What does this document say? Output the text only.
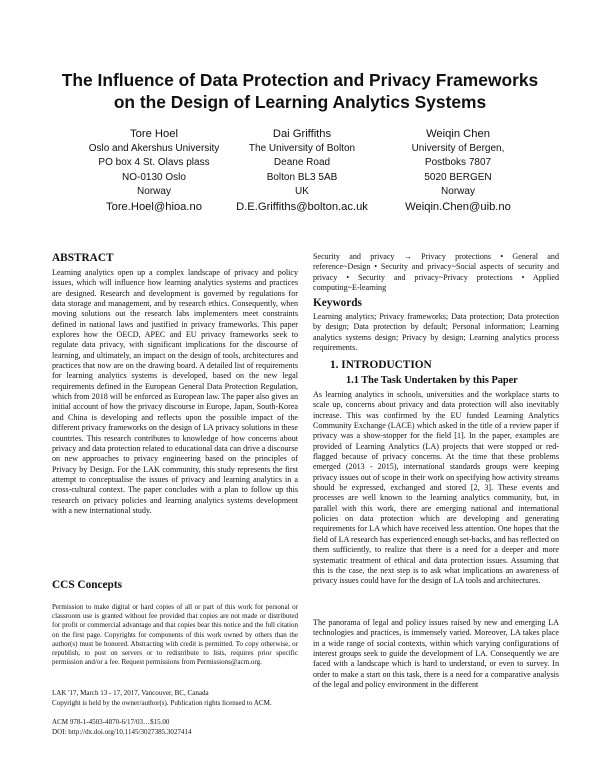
The Influence of Data Protection and Privacy Frameworks
on the Design of Learning Analytics Systems
Tore Hoel
Oslo and Akershus University
PO box 4 St. Olavs plass
NO-0130 Oslo
Norway
Tore.Hoel@hioa.no
Dai Griffiths
The University of Bolton
Deane Road
Bolton BL3 5AB
UK
D.E.Griffiths@bolton.ac.uk
Weiqin Chen
University of Bergen,
Postboks 7807
5020 BERGEN
Norway
Weiqin.Chen@uib.no
ABSTRACT

Learning analytics open up a complex landscape of privacy and policy issues, which will influence how learning analytics systems and practices are designed. Research and development is governed by regulations for data storage and management, and by research ethics. Consequently, when moving solutions out the research labs implementers meet constraints defined in national laws and justified in privacy frameworks. This paper explores how the OECD, APEC and EU privacy frameworks seek to regulate data privacy, with significant implications for the discourse of learning, and ultimately, an impact on the design of tools, architectures and practices that now are on the drawing board. A detailed list of requirements for learning analytics systems is developed, based on the new legal requirements defined in the European General Data Protection Regulation, which from 2018 will be enforced as European law. The paper also gives an initial account of how the privacy discourse in Europe, Japan, South-Korea and China is developing and reflects upon the possible impact of the different privacy frameworks on the design of LA privacy solutions in these countries. This research contributes to knowledge of how concerns about privacy and data protection related to educational data can drive a discourse on new approaches to privacy engineering based on the principles of Privacy by Design. For the LAK community, this study represents the first attempt to conceptualise the issues of privacy and learning analytics in a cross-cultural context. The paper concludes with a plan to follow up this research on privacy policies and learning analytics systems development with a new international study.

CCS Concepts

Permission to make digital or hard copies of all or part of this work for personal or classroom use is granted without fee provided that copies are not made or distributed for profit or commercial advantage and that copies bear this notice and the full citation on the first page. Copyrights for components of this work owned by others than the author(s) must be honored. Abstracting with credit is permitted. To copy otherwise, or republish, to post on servers or to redistribute to lists, requires prior specific permission and/or a fee. Request permissions from Permissions@acm.org.

LAK '17, March 13 - 17, 2017, Vancouver, BC, Canada

Copyright is held by the owner/author(s). Publication rights licensed to ACM.

ACM 978-1-4503-4870-6/17/03…$15.00

DOI: http://dx.doi.org/10.1145/3027385.3027414

Security and privacy → Privacy protections • General and reference~Design • Security and privacy~Social aspects of security and privacy • Security and privacy~Privacy protections • Applied computing~E-learning

Keywords

Learning analytics; Privacy frameworks; Data protection; Data protection by design; Data protection by default; Personal information; Learning analytics systems design; Privacy by design; Learning analytics process requirements.

1. INTRODUCTION
1.1 The Task Undertaken by this Paper

As learning analytics in schools, universities and the workplace starts to scale up, concerns about privacy and data protection will also inevitably increase. This was confirmed by the EU funded Learning Analytics Community Exchange (LACE) which asked in the title of a review paper if privacy was a show-stopper for the field [1]. In the paper, examples are provided of Learning Analytics (LA) projects that were stopped or red-flagged because of privacy concerns. At the time that these problems emerged (2013 - 2015), international standards groups were keeping privacy issues out of scope in their work on specifying how activity streams should be expressed, exchanged and stored [2, 3]. These events and processes are well known to the learning analytics community, but, in parallel with this work, there are emerging national and international policies on data protection which are developing and generating requirements for LA which have received less attention. One hopes that the field of LA research has experienced enough set-backs, and has reflected on them sufficiently, to realize that there is a need for a deeper and more systematic treatment of ethical and data protection issues. Assuming that this is the case, the next step is to ask what implications an awareness of privacy issues could have for the design of LA tools and architectures.

The panorama of legal and policy issues raised by new and emerging LA technologies and practices, is immensely varied. Moreover, LA takes place in a wide range of social contexts, within which varying configurations of interest groups seek to guide the development of LA. Consequently we are faced with a landscape which is hard to understand, or even to survey. In order to make a start on this task, there is a need for a comparative analysis of the legal and policy environment in the different
